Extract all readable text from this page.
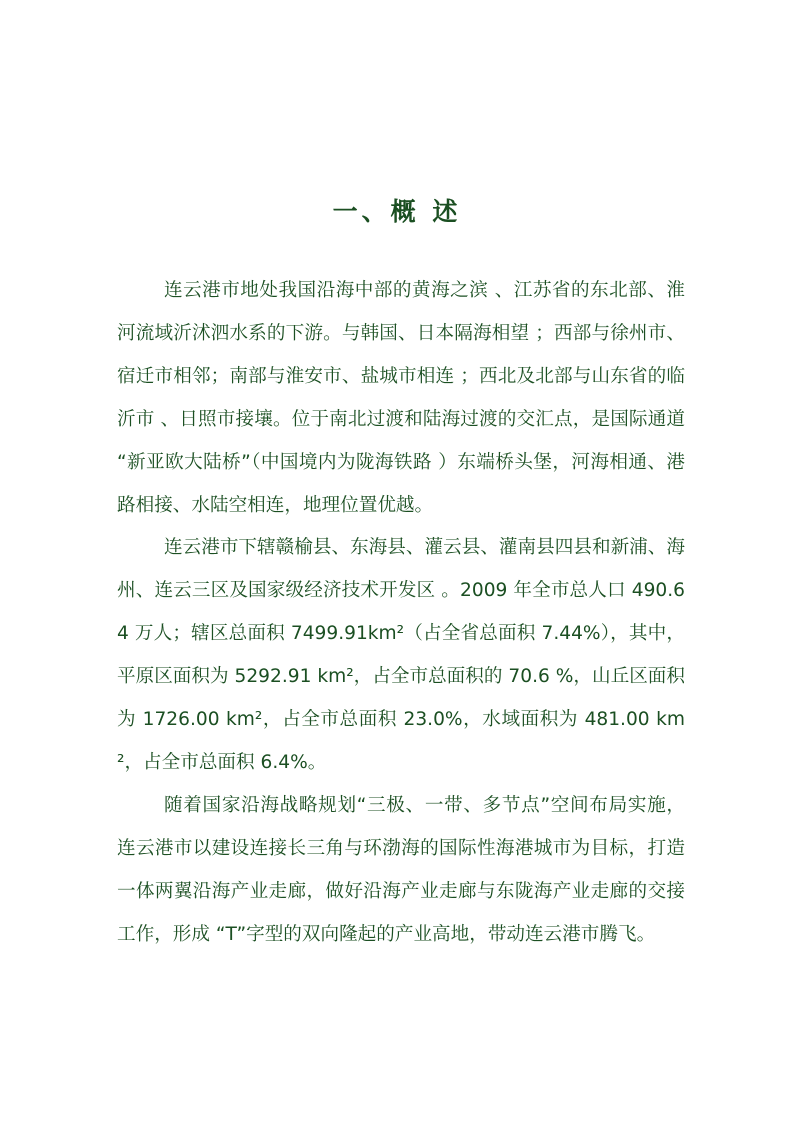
一、概 述

连云港市地处我国沿海中部的黄海之滨 、江苏省的东北部、淮河流域沂沭泗水系的下游。与韩国、日本隔海相望 ；西部与徐州市、宿迁市相邻；南部与淮安市、盐城市相连 ；西北及北部与山东省的临沂市 、日照市接壤。位于南北过渡和陆海过渡的交汇点，是国际通道 “新亚欧大陆桥”（中国境内为陇海铁路 ）东端桥头堡，河海相通、港路相接、水陆空相连，地理位置优越。

连云港市下辖赣榆县、东海县、灌云县、灌南县四县和新浦、海州、连云三区及国家级经济技术开发区 。2009 年全市总人口 490.64 万人；辖区总面积 7499.91km²（占全省总面积 7.44%），其中，平原区面积为 5292.91 km²，占全市总面积的 70.6 %，山丘区面积为 1726.00 km²，占全市总面积 23.0%，水域面积为 481.00 km²，占全市总面积 6.4%。

随着国家沿海战略规划“三极、一带、多节点”空间布局实施，连云港市以建设连接长三角与环渤海的国际性海港城市为目标，打造一体两翼沿海产业走廊，做好沿海产业走廊与东陇海产业走廊的交接工作，形成 “T”字型的双向隆起的产业高地，带动连云港市腾飞。
